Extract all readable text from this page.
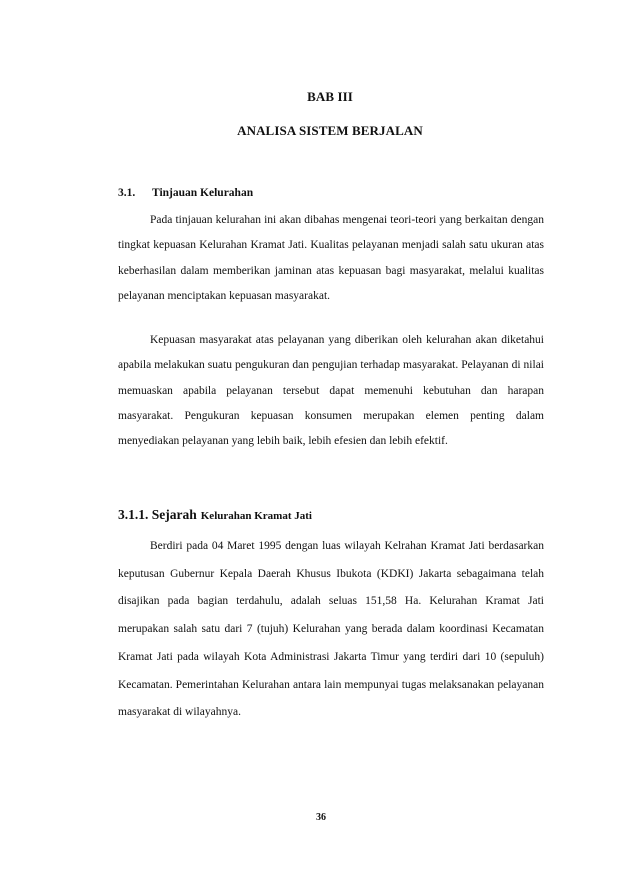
BAB III
ANALISA SISTEM BERJALAN
3.1. Tinjauan Kelurahan

Pada tinjauan kelurahan ini akan dibahas mengenai teori-teori yang berkaitan dengan tingkat kepuasan Kelurahan Kramat Jati. Kualitas pelayanan menjadi salah satu ukuran atas keberhasilan dalam memberikan jaminan atas kepuasan bagi masyarakat, melalui kualitas pelayanan menciptakan kepuasan masyarakat.

Kepuasan masyarakat atas pelayanan yang diberikan oleh kelurahan akan diketahui apabila melakukan suatu pengukuran dan pengujian terhadap masyarakat. Pelayanan di nilai memuaskan apabila pelayanan tersebut dapat memenuhi kebutuhan dan harapan masyarakat. Pengukuran kepuasan konsumen merupakan elemen penting dalam menyediakan pelayanan yang lebih baik, lebih efesien dan lebih efektif.

3.1.1. Sejarah Kelurahan Kramat Jati

Berdiri pada 04 Maret 1995 dengan luas wilayah Kelrahan Kramat Jati berdasarkan keputusan Gubernur Kepala Daerah Khusus Ibukota (KDKI) Jakarta sebagaimana telah disajikan pada bagian terdahulu, adalah seluas 151,58 Ha. Kelurahan Kramat Jati merupakan salah satu dari 7 (tujuh) Kelurahan yang berada dalam koordinasi Kecamatan Kramat Jati pada wilayah Kota Administrasi Jakarta Timur yang terdiri dari 10 (sepuluh) Kecamatan. Pemerintahan Kelurahan antara lain mempunyai tugas melaksanakan pelayanan masyarakat di wilayahnya.

36
